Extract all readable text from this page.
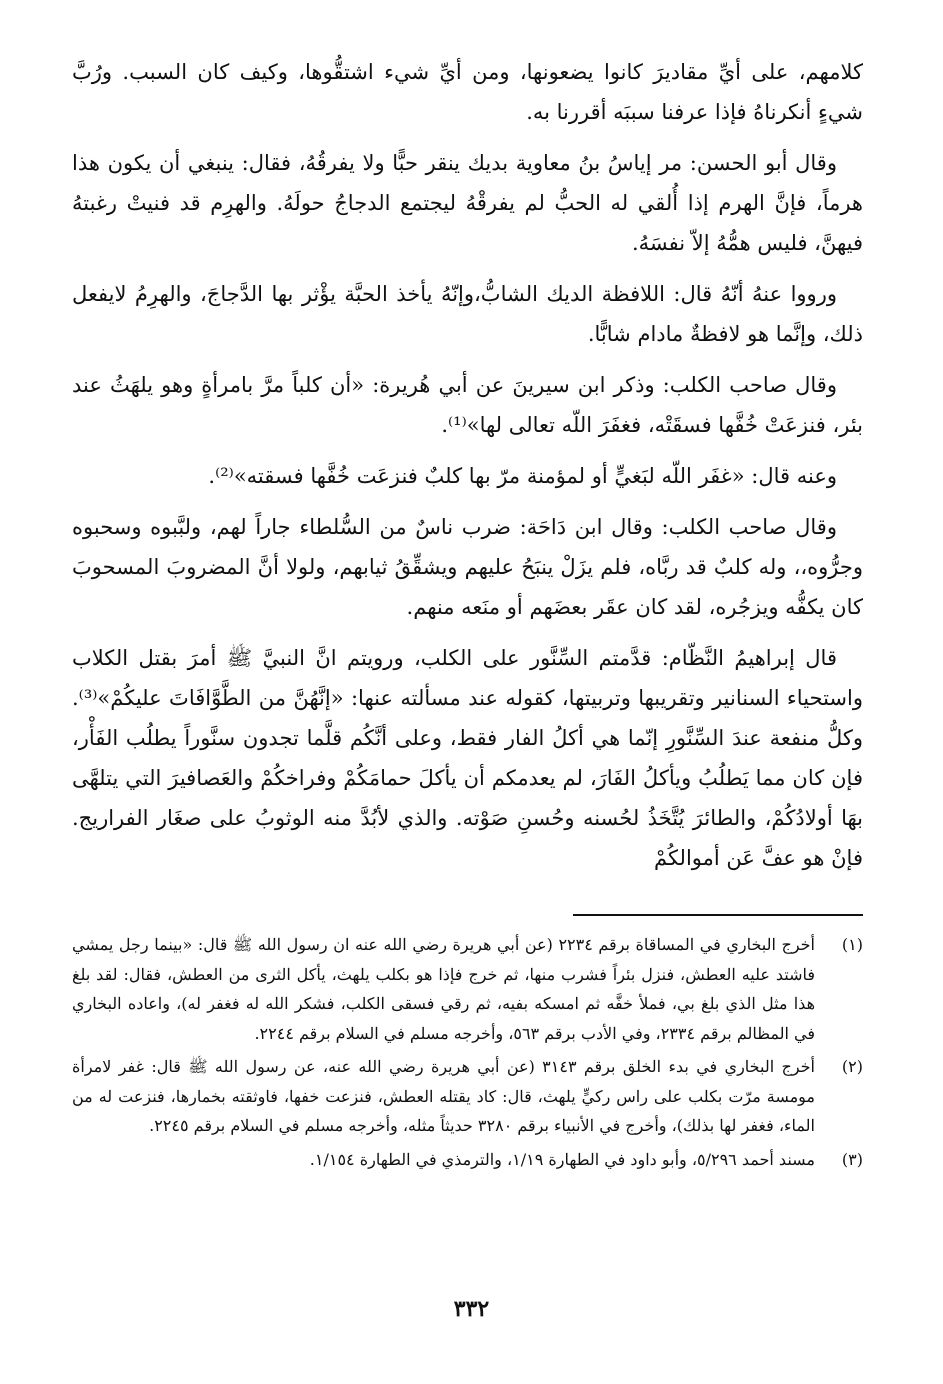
كلامهم، على أيِّ مقاديرَ كانوا يضعونها، ومن أيِّ شيء اشتقُّوها، وكيف كان السبب. ورُبَّ شيءٍ أنكرناهُ فإذا عرفنا سببَه أقررنا به.

وقال أبو الحسن: مر إياسُ بنُ معاوية بديك ينقر حبًّا ولا يفرقُهُ، فقال: ينبغي أن يكون هذا هرماً، فإنَّ الهرم إذا أُلقي له الحبُّ لم يفرقْهُ ليجتمع الدجاجُ حولَهُ. والهرِم قد فنيتْ رغبتهُ فيهنَّ، فليس همُّهُ إلاّ نفسَهُ.

ورووا عنهُ أنّهُ قال: اللافظة الديك الشابُّ،وإنّهُ يأخذ الحبَّة يؤْثر بها الدَّجاجَ، والهرِمُ لايفعل ذلك، وإنَّما هو لافظةٌ مادام شابًّا.

وقال صاحب الكلب: وذكر ابن سيرينَ عن أبي هُريرة: «أن كلباً مرَّ بامرأةٍ وهو يلهَثُ عند بئر، فنزعَتْ خُفَّها فسقَتْه، فغفَرَ اللّه تعالى لها»⁽¹⁾.

وعنه قال: «غفَر اللّه لبَغيٍّ أو لمؤمنة مرّ بها كلبٌ فنزعَت خُفَّها فسقته»⁽²⁾.

وقال صاحب الكلب: وقال ابن دَاحَة: ضرب ناسٌ من السُّلطاء جاراً لهم، ولبَّبوه وسحبوه وجرُّوه،، وله كلبٌ قد ربَّاه، فلم يزَلْ ينبَحُ عليهم ويشقِّقُ ثيابهم، ولولا أنَّ المضروبَ المسحوبَ كان يكفُّه ويزجُره، لقد كان عقَر بعضَهم أو منَعه منهم.

قال إبراهيمُ النَّظّام: قدَّمتم السِّنَّور على الكلب، ورويتم انَّ النبيَّ ﷺ أمرَ بقتل الكلاب واستحياء السنانير وتقريبها وتربيتها، كقوله عند مسألته عنها: «إنَّهُنَّ من الطَّوَّافَاتَ عليكُمْ»⁽³⁾. وكلُّ منفعة عندَ السِّنَّورِ إنّما هي أكلُ الفار فقط، وعلى أنَّكُم قلَّما تجدون سنَّوراً يطلُب الفَأْر، فإن كان مما يَطلُبُ ويأكلُ الفَارَ، لم يعدمكم أن يأكلَ حمامَكُمْ وفراخكُمْ والعَصافيرَ التي يتلهَّى بهَا أولادُكُمْ، والطائرَ يُتَّخَذُ لحُسنه وحُسنِ صَوْته. والذي لأبُدَّ منه الوثوبُ على صغَار الفراريج. فإنْ هو عفَّ عَن أموالكُمْ

(١)
أخرج البخاري في المساقاة برقم ٢٢٣٤ (عن أبي هريرة رضي الله عنه ان رسول الله ﷺ قال: «بينما رجل يمشي فاشتد عليه العطش، فنزل بئراً فشرب منها، ثم خرج فإذا هو بكلب يلهث، يأكل الثرى من العطش، فقال: لقد بلغ هذا مثل الذي بلغ بي، فملأ خفَّه ثم امسكه بفيه، ثم رقي فسقى الكلب، فشكر الله له فغفر له)، واعاده البخاري في المظالم برقم ٢٣٣٤، وفي الأدب برقم ٥٦٣، وأخرجه مسلم في السلام برقم ٢٢٤٤.
(٢)
أخرج البخاري في بدء الخلق برقم ٣١٤٣ (عن أبي هريرة رضي الله عنه، عن رسول الله ﷺ قال: غفر لامرأة مومسة مرّت بكلب على راس ركيٍّ يلهث، قال: كاد يقتله العطش، فنزعت خفها، فاوثقته بخمارها، فنزعت له من الماء، فغفر لها بذلك)، وأخرج في الأنبياء برقم ٣٢٨٠ حديثاً مثله، وأخرجه مسلم في السلام برقم ٢٢٤٥.
(٣)
مسند أحمد ٥/٢٩٦، وأبو داود في الطهارة ١/١٩، والترمذي في الطهارة ١/١٥٤.
٣٣٢
